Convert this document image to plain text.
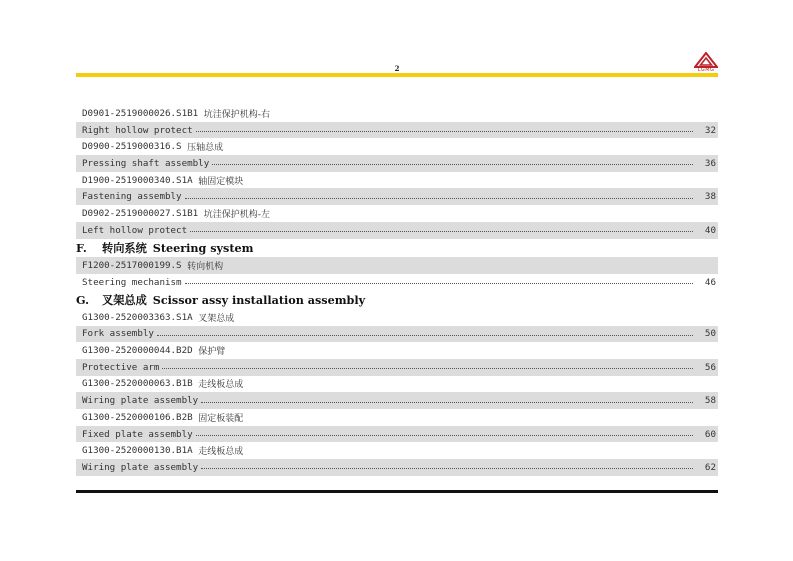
2	LGMG
D0901-2519000026.S1B1
坑洼保护机构-右
Right hollow protect	32
D0900-2519000316.S
压轴总成
Pressing shaft assembly	36
D1900-2519000340.S1A
轴固定模块
Fastening assembly	38
D0902-2519000027.S1B1
坑洼保护机构-左
Left hollow protect	40
F.	转向系统 Steering system
F1200-2517000199.S
转向机构
Steering mechanism	46
G.	叉架总成 Scissor assy installation assembly
G1300-2520003363.S1A
叉架总成
Fork assembly	50
G1300-2520000044.B2D
保护臂
Protective arm	56
G1300-2520000063.B1B
走线板总成
Wiring plate assembly	58
G1300-2520000106.B2B
固定板装配
Fixed plate assembly	60
G1300-2520000130.B1A
走线板总成
Wiring plate assembly	62
